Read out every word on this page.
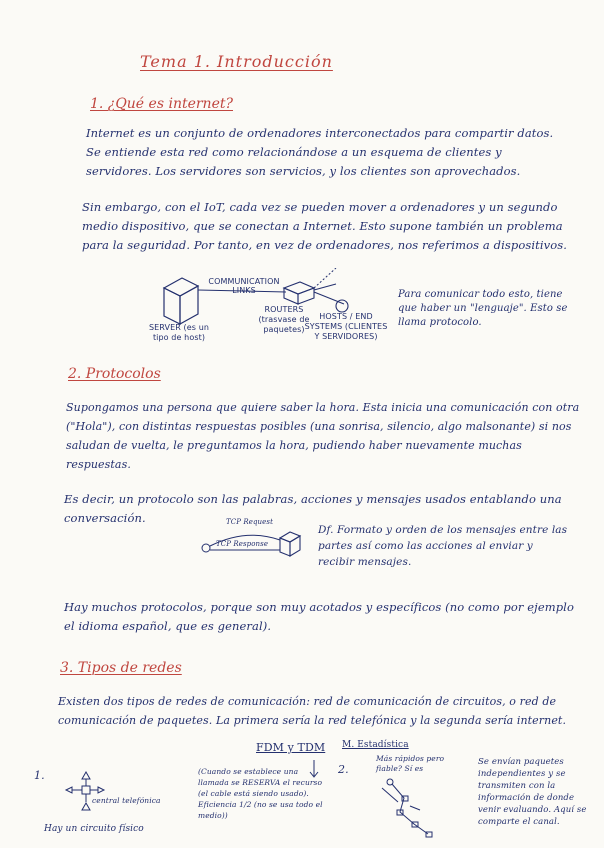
Tema 1. Introducción
1. ¿Qué es internet?
Internet es un conjunto de ordenadores interconectados para compartir datos. Se entiende esta red como relacionándose a un esquema de clientes y servidores. Los servidores son servicios, y los clientes son aprovechados.
Sin embargo, con el IoT, cada vez se pueden mover a ordenadores y un segundo medio dispositivo, que se conectan a Internet. Esto supone también un problema para la seguridad. Por tanto, en vez de ordenadores, nos referimos a dispositivos.
COMMUNICATION LINKS
SERVER (es un tipo de host)
ROUTERS (trasvase de paquetes)
HOSTS / END SYSTEMS (CLIENTES Y SERVIDORES)
Para comunicar todo esto, tiene que haber un "lenguaje". Esto se llama protocolo.
2. Protocolos
Supongamos una persona que quiere saber la hora. Esta inicia una comunicación con otra ("Hola"), con distintas respuestas posibles (una sonrisa, silencio, algo malsonante) si nos saludan de vuelta, le preguntamos la hora, pudiendo haber nuevamente muchas respuestas.
Es decir, un protocolo son las palabras, acciones y mensajes usados entablando una conversación.	TCP Request
TCP Response
Df. Formato y orden de los mensajes entre las partes así como las acciones al enviar y recibir mensajes.
Hay muchos protocolos, porque son muy acotados y específicos (no como por ejemplo el idioma español, que es general).
3. Tipos de redes
Existen dos tipos de redes de comunicación: red de comunicación de circuitos, o red de comunicación de paquetes. La primera sería la red telefónica y la segunda sería internet.
FDM y TDM M. Estadística
1.
central telefónica
Hay un circuito físico
(Cuando se establece una llamada se RESERVA el recurso (el cable está siendo usado). Eficiencia 1/2 (no se usa todo el medio))
2.
Más rápidos pero fiable? Sí es
Se envían paquetes independientes y se transmiten con la información de donde venir evaluando. Aquí se comparte el canal.
